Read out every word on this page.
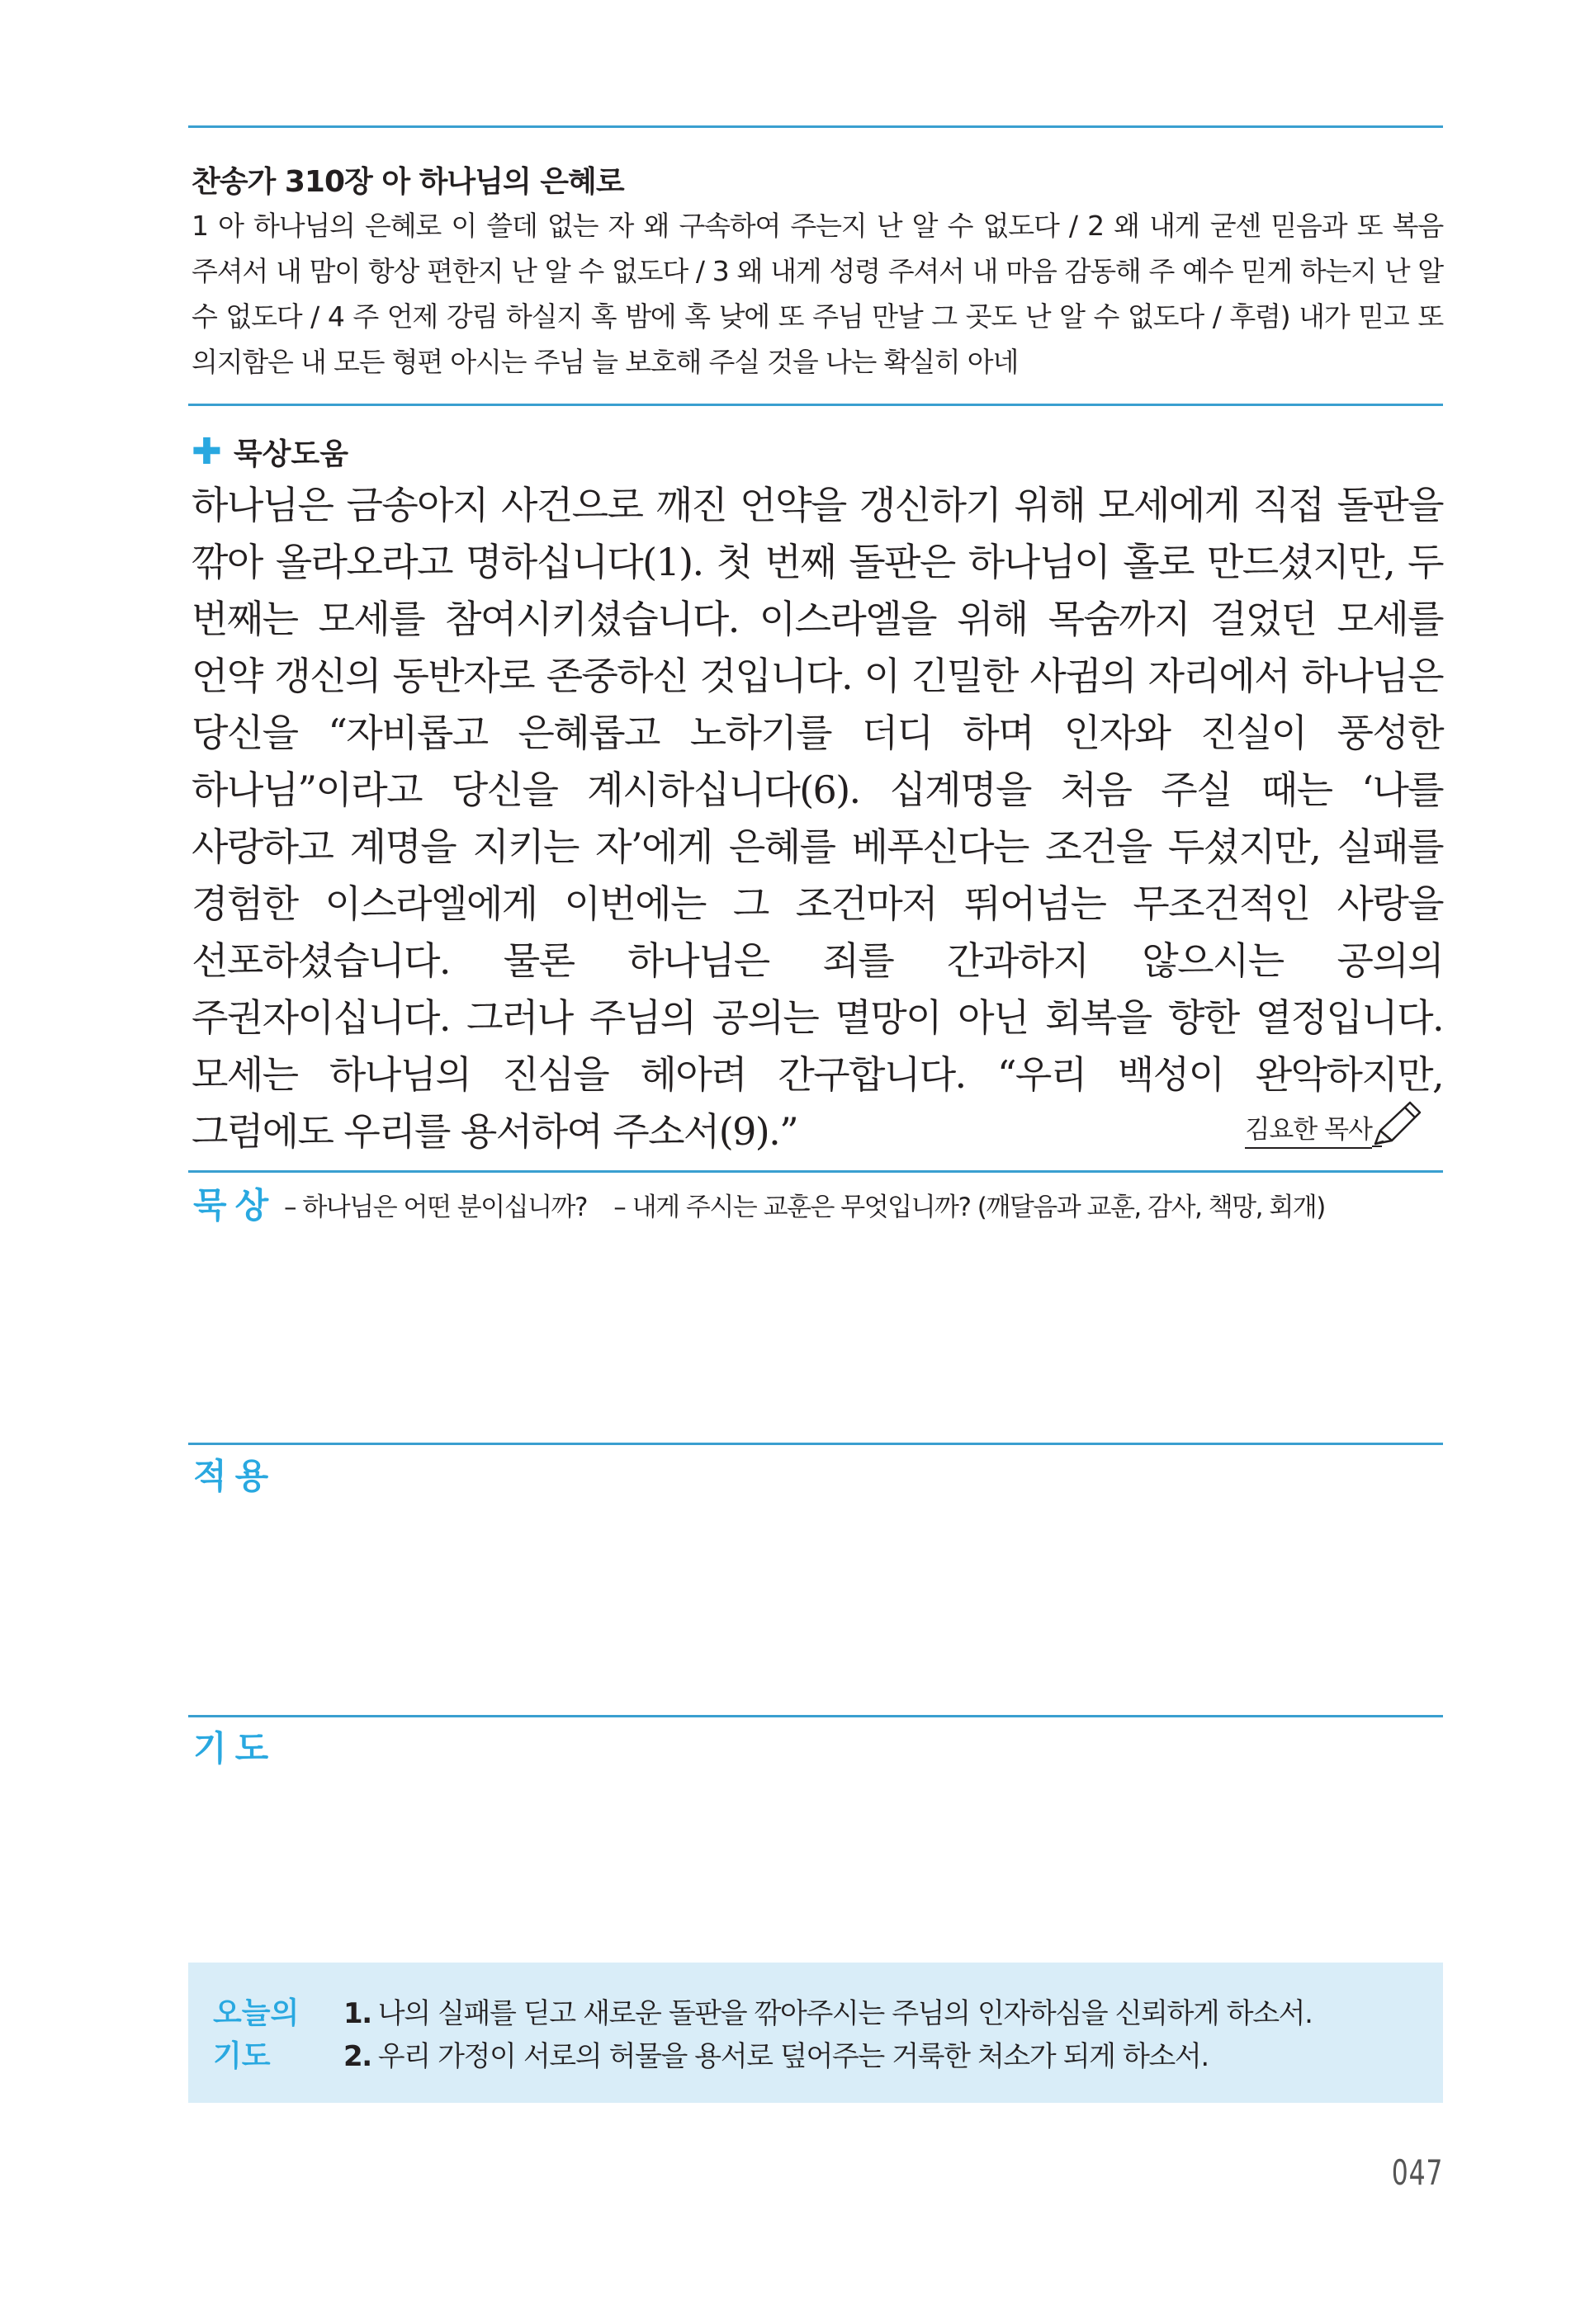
찬송가 310장 아 하나님의 은혜로
1 아 하나님의 은혜로 이 쓸데 없는 자 왜 구속하여 주는지 난 알 수 없도다 / 2 왜 내게 굳센 믿음과 또 복음 주셔서 내 맘이 항상 편한지 난 알 수 없도다 / 3 왜 내게 성령 주셔서 내 마음 감동해 주 예수 믿게 하는지 난 알 수 없도다 / 4 주 언제 강림 하실지 혹 밤에 혹 낮에 또 주님 만날 그 곳도 난 알 수 없도다 / 후렴) 내가 믿고 또 의지함은 내 모든 형편 아시는 주님 늘 보호해 주실 것을 나는 확실히 아네
✚ 묵상도움
하나님은 금송아지 사건으로 깨진 언약을 갱신하기 위해 모세에게 직접 돌판을 깎아 올라오라고 명하십니다(1). 첫 번째 돌판은 하나님이 홀로 만드셨지만, 두 번째는 모세를 참여시키셨습니다. 이스라엘을 위해 목숨까지 걸었던 모세를 언약 갱신의 동반자로 존중하신 것입니다. 이 긴밀한 사귐의 자리에서 하나님은 당신을 “자비롭고 은혜롭고 노하기를 더디 하며 인자와 진실이 풍성한 하나님”이라고 당신을 계시하십니다(6). 십계명을 처음 주실 때는 ‘나를 사랑하고 계명을 지키는 자’에게 은혜를 베푸신다는 조건을 두셨지만, 실패를 경험한 이스라엘에게 이번에는 그 조건마저 뛰어넘는 무조건적인 사랑을 선포하셨습니다. 물론 하나님은 죄를 간과하지 않으시는 공의의 주권자이십니다. 그러나 주님의 공의는 멸망이 아닌 회복을 향한 열정입니다. 모세는 하나님의 진심을 헤아려 간구합니다. “우리 백성이 완악하지만, 그럼에도 우리를 용서하여 주소서(9).”	김요한 목사
묵상 – 하나님은 어떤 분이십니까? – 내게 주시는 교훈은 무엇입니까? (깨달음과 교훈, 감사, 책망, 회개)
적용
기도
오늘의
기도
1. 나의 실패를 딛고 새로운 돌판을 깎아주시는 주님의 인자하심을 신뢰하게 하소서.
2. 우리 가정이 서로의 허물을 용서로 덮어주는 거룩한 처소가 되게 하소서.
047
